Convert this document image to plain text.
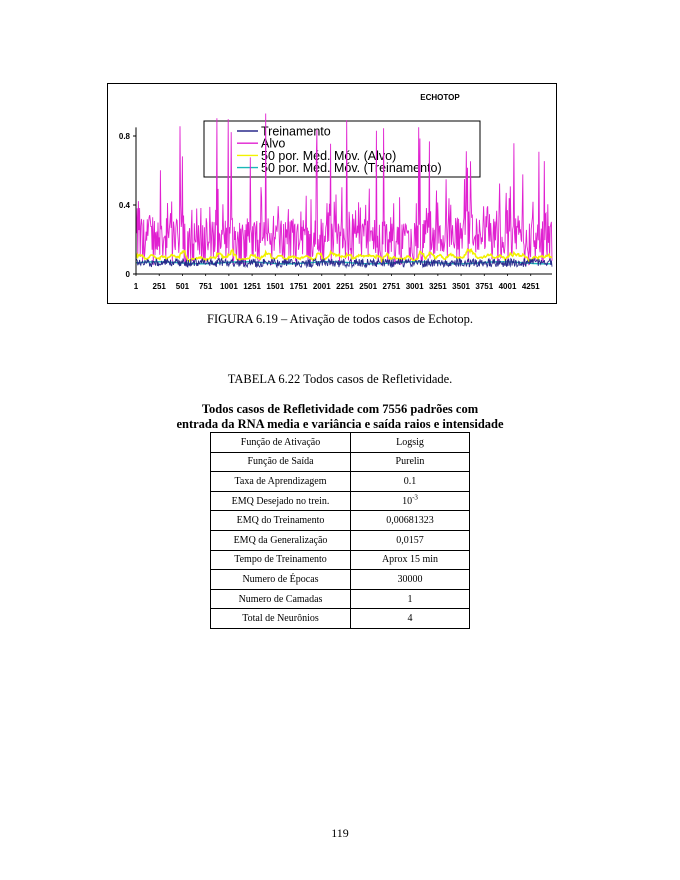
ECHOTOP
Treinamento
Alvo
50 por. Méd. Móv. (Alvo)
50 por. Méd. Móv. (Treinamento)
0
0.4
0.8
1 251 501 751 1001 1251 1501 1751 2001 2251 2501 2751 3001 3251 3501 3751 4001 4251
FIGURA 6.19 – Ativação de todos casos de Echotop.
TABELA 6.22 Todos casos de Refletividade.
Todos casos de Refletividade com 7556 padrões com
entrada da RNA media e variância e saída raios e intensidade
Função de Ativação	Logsig
Função de Saída	Purelin
Taxa de Aprendizagem	0.1
EMQ Desejado no trein.	$10^{-3}$
EMQ do Treinamento	0,00681323
EMQ da Generalização	0,0157
Tempo de Treinamento	Aprox 15 min
Numero de Épocas	30000
Numero de Camadas	1
Total de Neurônios	4
119
